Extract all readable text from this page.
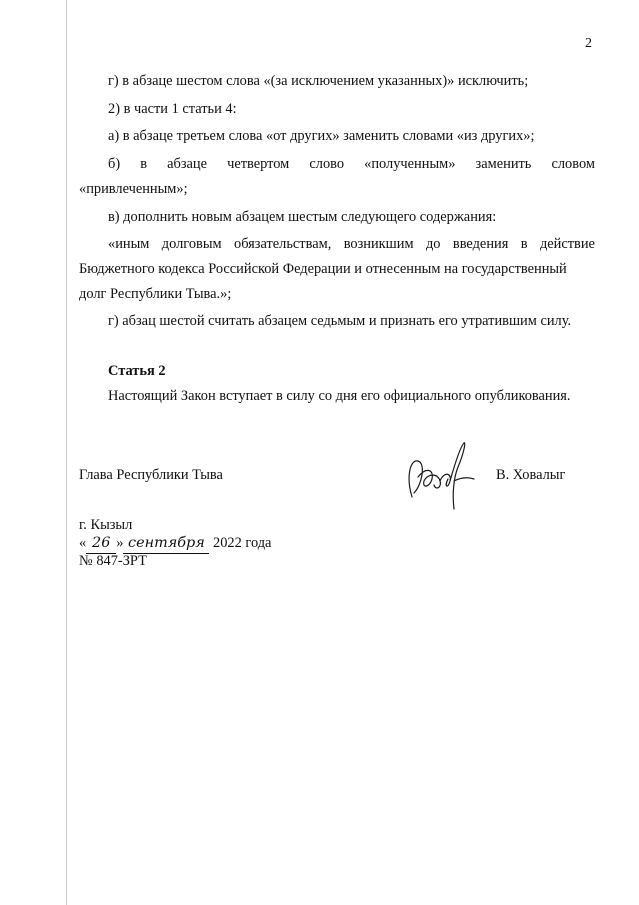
2
г) в абзаце шестом слова «(за исключением указанных)» исключить;
2) в части 1 статьи 4:
а) в абзаце третьем слова «от других» заменить словами «из других»;
б) в абзаце четвертом слово «полученным» заменить словом
«привлеченным»;
в) дополнить новым абзацем шестым следующего содержания:
«иным долговым обязательствам, возникшим до введения в действие
Бюджетного кодекса Российской Федерации и отнесенным на государственный
долг Республики Тыва.»;
г) абзац шестой считать абзацем седьмым и признать его утратившим силу.
Статья 2
Настоящий Закон вступает в силу со дня его официального опубликования.
Глава Республики Тыва	В. Ховалыг
г. Кызыл
« 26 » сентября 2022 года
№ 847-ЗРТ
